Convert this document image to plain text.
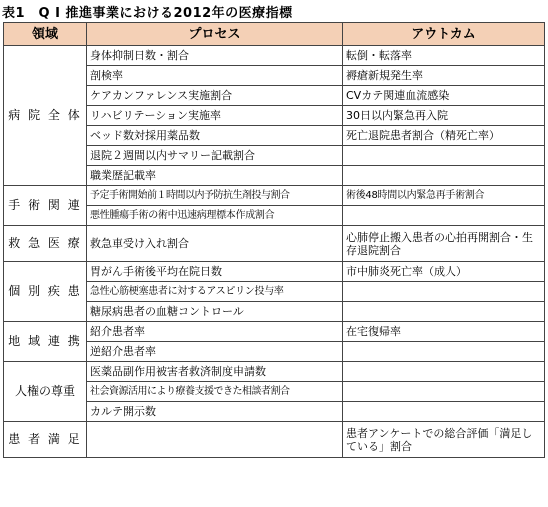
表1　Q I 推進事業における2012年の医療指標
領域	プロセス	アウトカム
病 院 全 体	身体抑制日数・割合	転倒・転落率
	剖検率	褥瘡新規発生率
	ケアカンファレンス実施割合	CVカテ関連血流感染
	リハビリテーション実施率	30日以内緊急再入院
	ベッド数対採用薬品数	死亡退院患者割合（精死亡率）
	退院２週間以内サマリー記載割合	
	職業歴記載率	
手 術 関 連	予定手術開始前１時間以内予防抗生剤投与割合	術後48時間以内緊急再手術割合
	悪性腫瘍手術の術中迅速病理標本作成割合	
救 急 医 療	救急車受け入れ割合	心肺停止搬入患者の心拍再開割合・生存退院割合
個 別 疾 患	胃がん手術後平均在院日数	市中肺炎死亡率（成人）
	急性心筋梗塞患者に対するアスピリン投与率	
	糖尿病患者の血糖コントロール	
地 域 連 携	紹介患者率	在宅復帰率
	逆紹介患者率	
人権の尊重	医薬品副作用被害者救済制度申請数	
	社会資源活用により療養支援できた相談者割合	
	カルテ開示数	
患 者 満 足		患者アンケートでの総合評価「満足している」割合
